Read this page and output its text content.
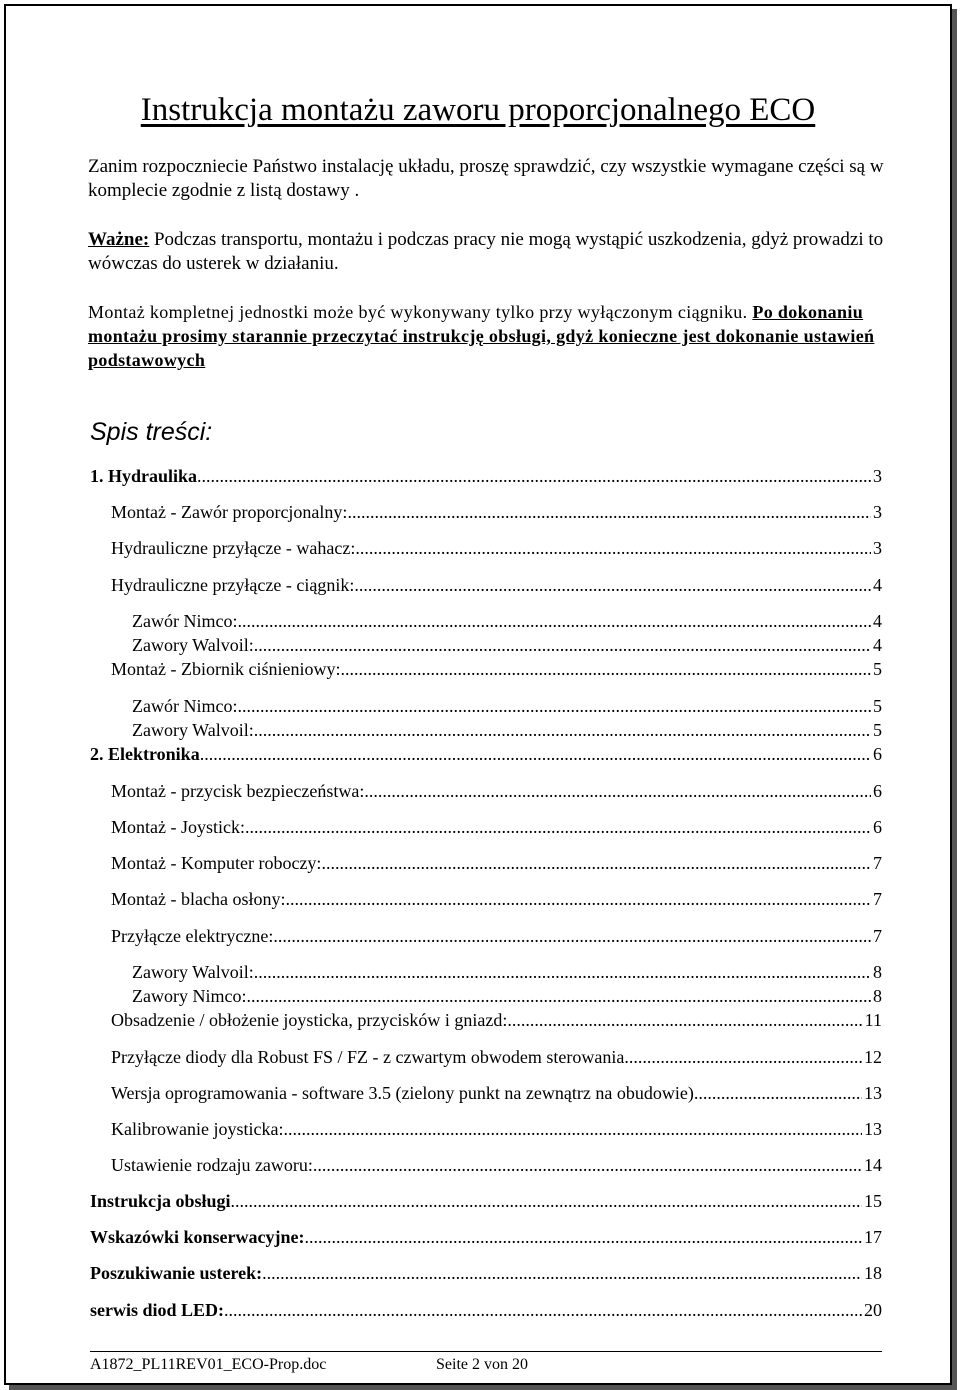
Instrukcja montażu zaworu proporcjonalnego ECO
Zanim rozpoczniecie Państwo instalację układu, proszę sprawdzić, czy wszystkie wymagane części są w komplecie zgodnie z listą dostawy .
Ważne: Podczas transportu, montażu i podczas pracy nie mogą wystąpić uszkodzenia, gdyż prowadzi to wówczas do usterek w działaniu.
Montaż kompletnej jednostki może być wykonywany tylko przy wyłączonym ciągniku. Po dokonaniu montażu prosimy starannie przeczytać instrukcję obsługi, gdyż konieczne jest dokonanie ustawień podstawowych
Spis treści:
1. Hydraulika .....	3
Montaż - Zawór proporcjonalny: .....	3
Hydrauliczne przyłącze - wahacz: .....	3
Hydrauliczne przyłącze - ciągnik: .....	4
Zawór Nimco: .....	4
Zawory Walvoil: .....	4
Montaż - Zbiornik ciśnieniowy: .....	5
Zawór Nimco: .....	5
Zawory Walvoil: .....	5
2. Elektronika .....	6
Montaż - przycisk bezpieczeństwa: .....	6
Montaż - Joystick: .....	6
Montaż - Komputer roboczy: .....	7
Montaż - blacha osłony: .....	7
Przyłącze elektryczne: .....	7
Zawory Walvoil: .....	8
Zawory Nimco: .....	8
Obsadzenie / obłożenie joysticka, przycisków i gniazd: .....	11
Przyłącze diody dla Robust FS / FZ - z czwartym obwodem sterowania .....	12
Wersja oprogramowania - software 3.5 (zielony punkt na zewnątrz na obudowie) .....	13
Kalibrowanie joysticka: .....	13
Ustawienie rodzaju zaworu: .....	14
Instrukcja obsługi .....	15
Wskazówki konserwacyjne: .....	17
Poszukiwanie usterek: .....	18
serwis diod LED: .....	20
A1872_PL11REV01_ECO-Prop.doc	Seite 2 von 20
